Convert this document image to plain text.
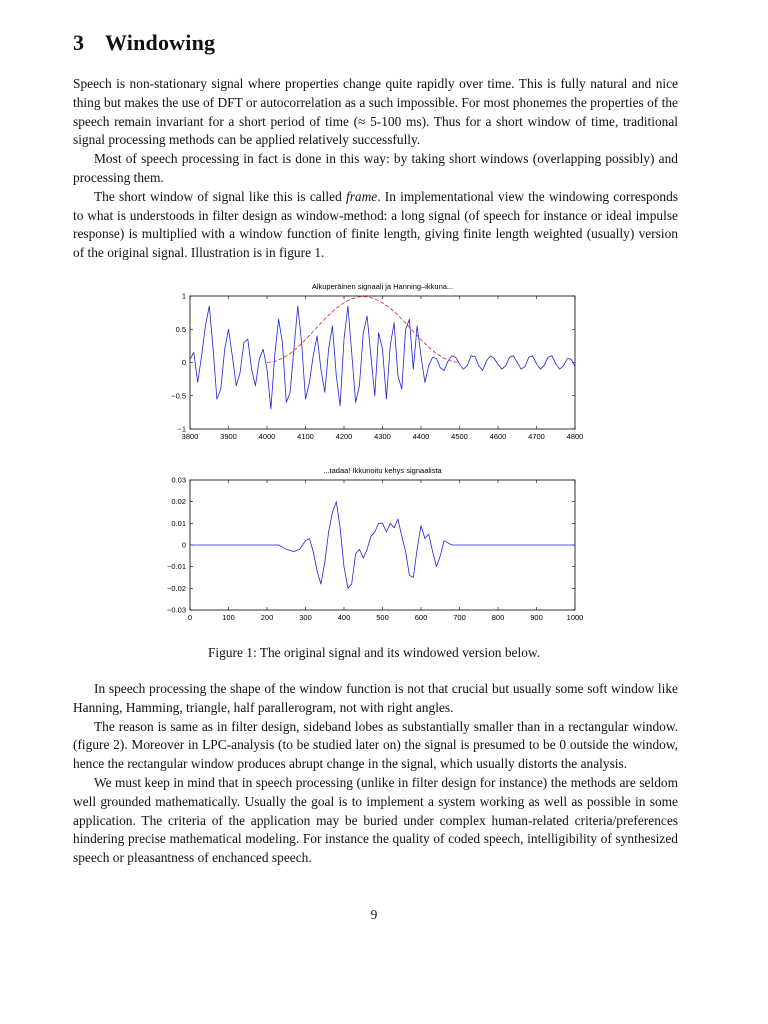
3 Windowing

Speech is non-stationary signal where properties change quite rapidly over time. This is fully natural and nice thing but makes the use of DFT or autocorrelation as a such impossible. For most phonemes the properties of the speech remain invariant for a short period of time (≈ 5-100 ms). Thus for a short window of time, traditional signal processing methods can be applied relatively successfully.

Most of speech processing in fact is done in this way: by taking short windows (overlapping possibly) and processing them.

The short window of signal like this is called frame. In implementational view the windowing corresponds to what is understoods in filter design as window-method: a long signal (of speech for instance or ideal impulse response) is multiplied with a window function of finite length, giving finite length weighted (usually) version of the original signal. Illustration is in figure 1.

Alkuperäinen signaali ja Hanning–ikkuna...
3800	3900	4000	4100	4200	4300	4400	4500	4600	4700	4800
−1
−0.5
0
0.5
1
...tadaa! Ikkunoitu kehys signaalista
0	100	200	300	400	500	600	700	800	900	1000
−0.03
−0.02
−0.01
0
0.01
0.02
0.03
Figure 1: The original signal and its windowed version below.

In speech processing the shape of the window function is not that crucial but usually some soft window like Hanning, Hamming, triangle, half parallerogram, not with right angles.

The reason is same as in filter design, sideband lobes as substantially smaller than in a rectangular window. (figure 2). Moreover in LPC-analysis (to be studied later on) the signal is presumed to be 0 outside the window, hence the rectangular window produces abrupt change in the signal, which usually distorts the analysis.

We must keep in mind that in speech processing (unlike in filter design for instance) the methods are seldom well grounded mathematically. Usually the goal is to implement a system working as well as possible in some application. The criteria of the application may be buried under complex human-related criteria/preferences hindering precise mathematical modeling. For instance the quality of coded speech, intelligibility of synthesized speech or pleasantness of enchanced speech.

9
